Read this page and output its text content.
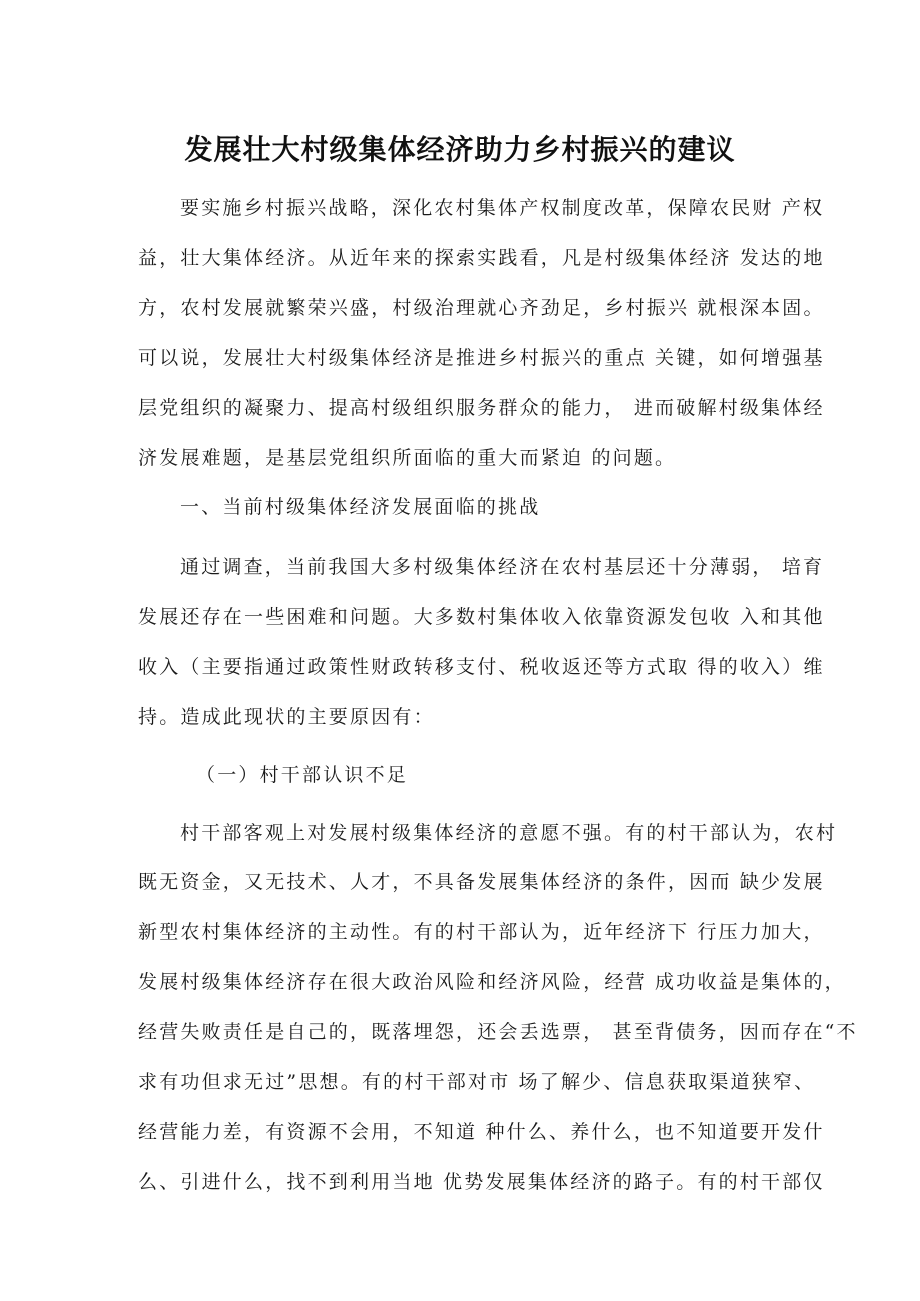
发展壮大村级集体经济助力乡村振兴的建议
要实施乡村振兴战略，深化农村集体产权制度改革，保障农民财 产权
益，壮大集体经济。从近年来的探索实践看，凡是村级集体经济 发达的地
方，农村发展就繁荣兴盛，村级治理就心齐劲足，乡村振兴 就根深本固。
可以说，发展壮大村级集体经济是推进乡村振兴的重点 关键，如何增强基
层党组织的凝聚力、提高村级组织服务群众的能力， 进而破解村级集体经
济发展难题，是基层党组织所面临的重大而紧迫 的问题。
一、当前村级集体经济发展面临的挑战
通过调查，当前我国大多村级集体经济在农村基层还十分薄弱， 培育
发展还存在一些困难和问题。大多数村集体收入依靠资源发包收 入和其他
收入（主要指通过政策性财政转移支付、税收返还等方式取 得的收入）维
持。造成此现状的主要原因有：
（一）村干部认识不足
村干部客观上对发展村级集体经济的意愿不强。有的村干部认为，农村
既无资金，又无技术、人才，不具备发展集体经济的条件，因而 缺少发展
新型农村集体经济的主动性。有的村干部认为，近年经济下 行压力加大，
发展村级集体经济存在很大政治风险和经济风险，经营 成功收益是集体的，
经营失败责任是自己的，既落埋怨，还会丢选票， 甚至背债务，因而存在“不
求有功但求无过”思想。有的村干部对市 场了解少、信息获取渠道狭窄、
经营能力差，有资源不会用，不知道 种什么、养什么，也不知道要开发什
么、引进什么，找不到利用当地 优势发展集体经济的路子。有的村干部仅
